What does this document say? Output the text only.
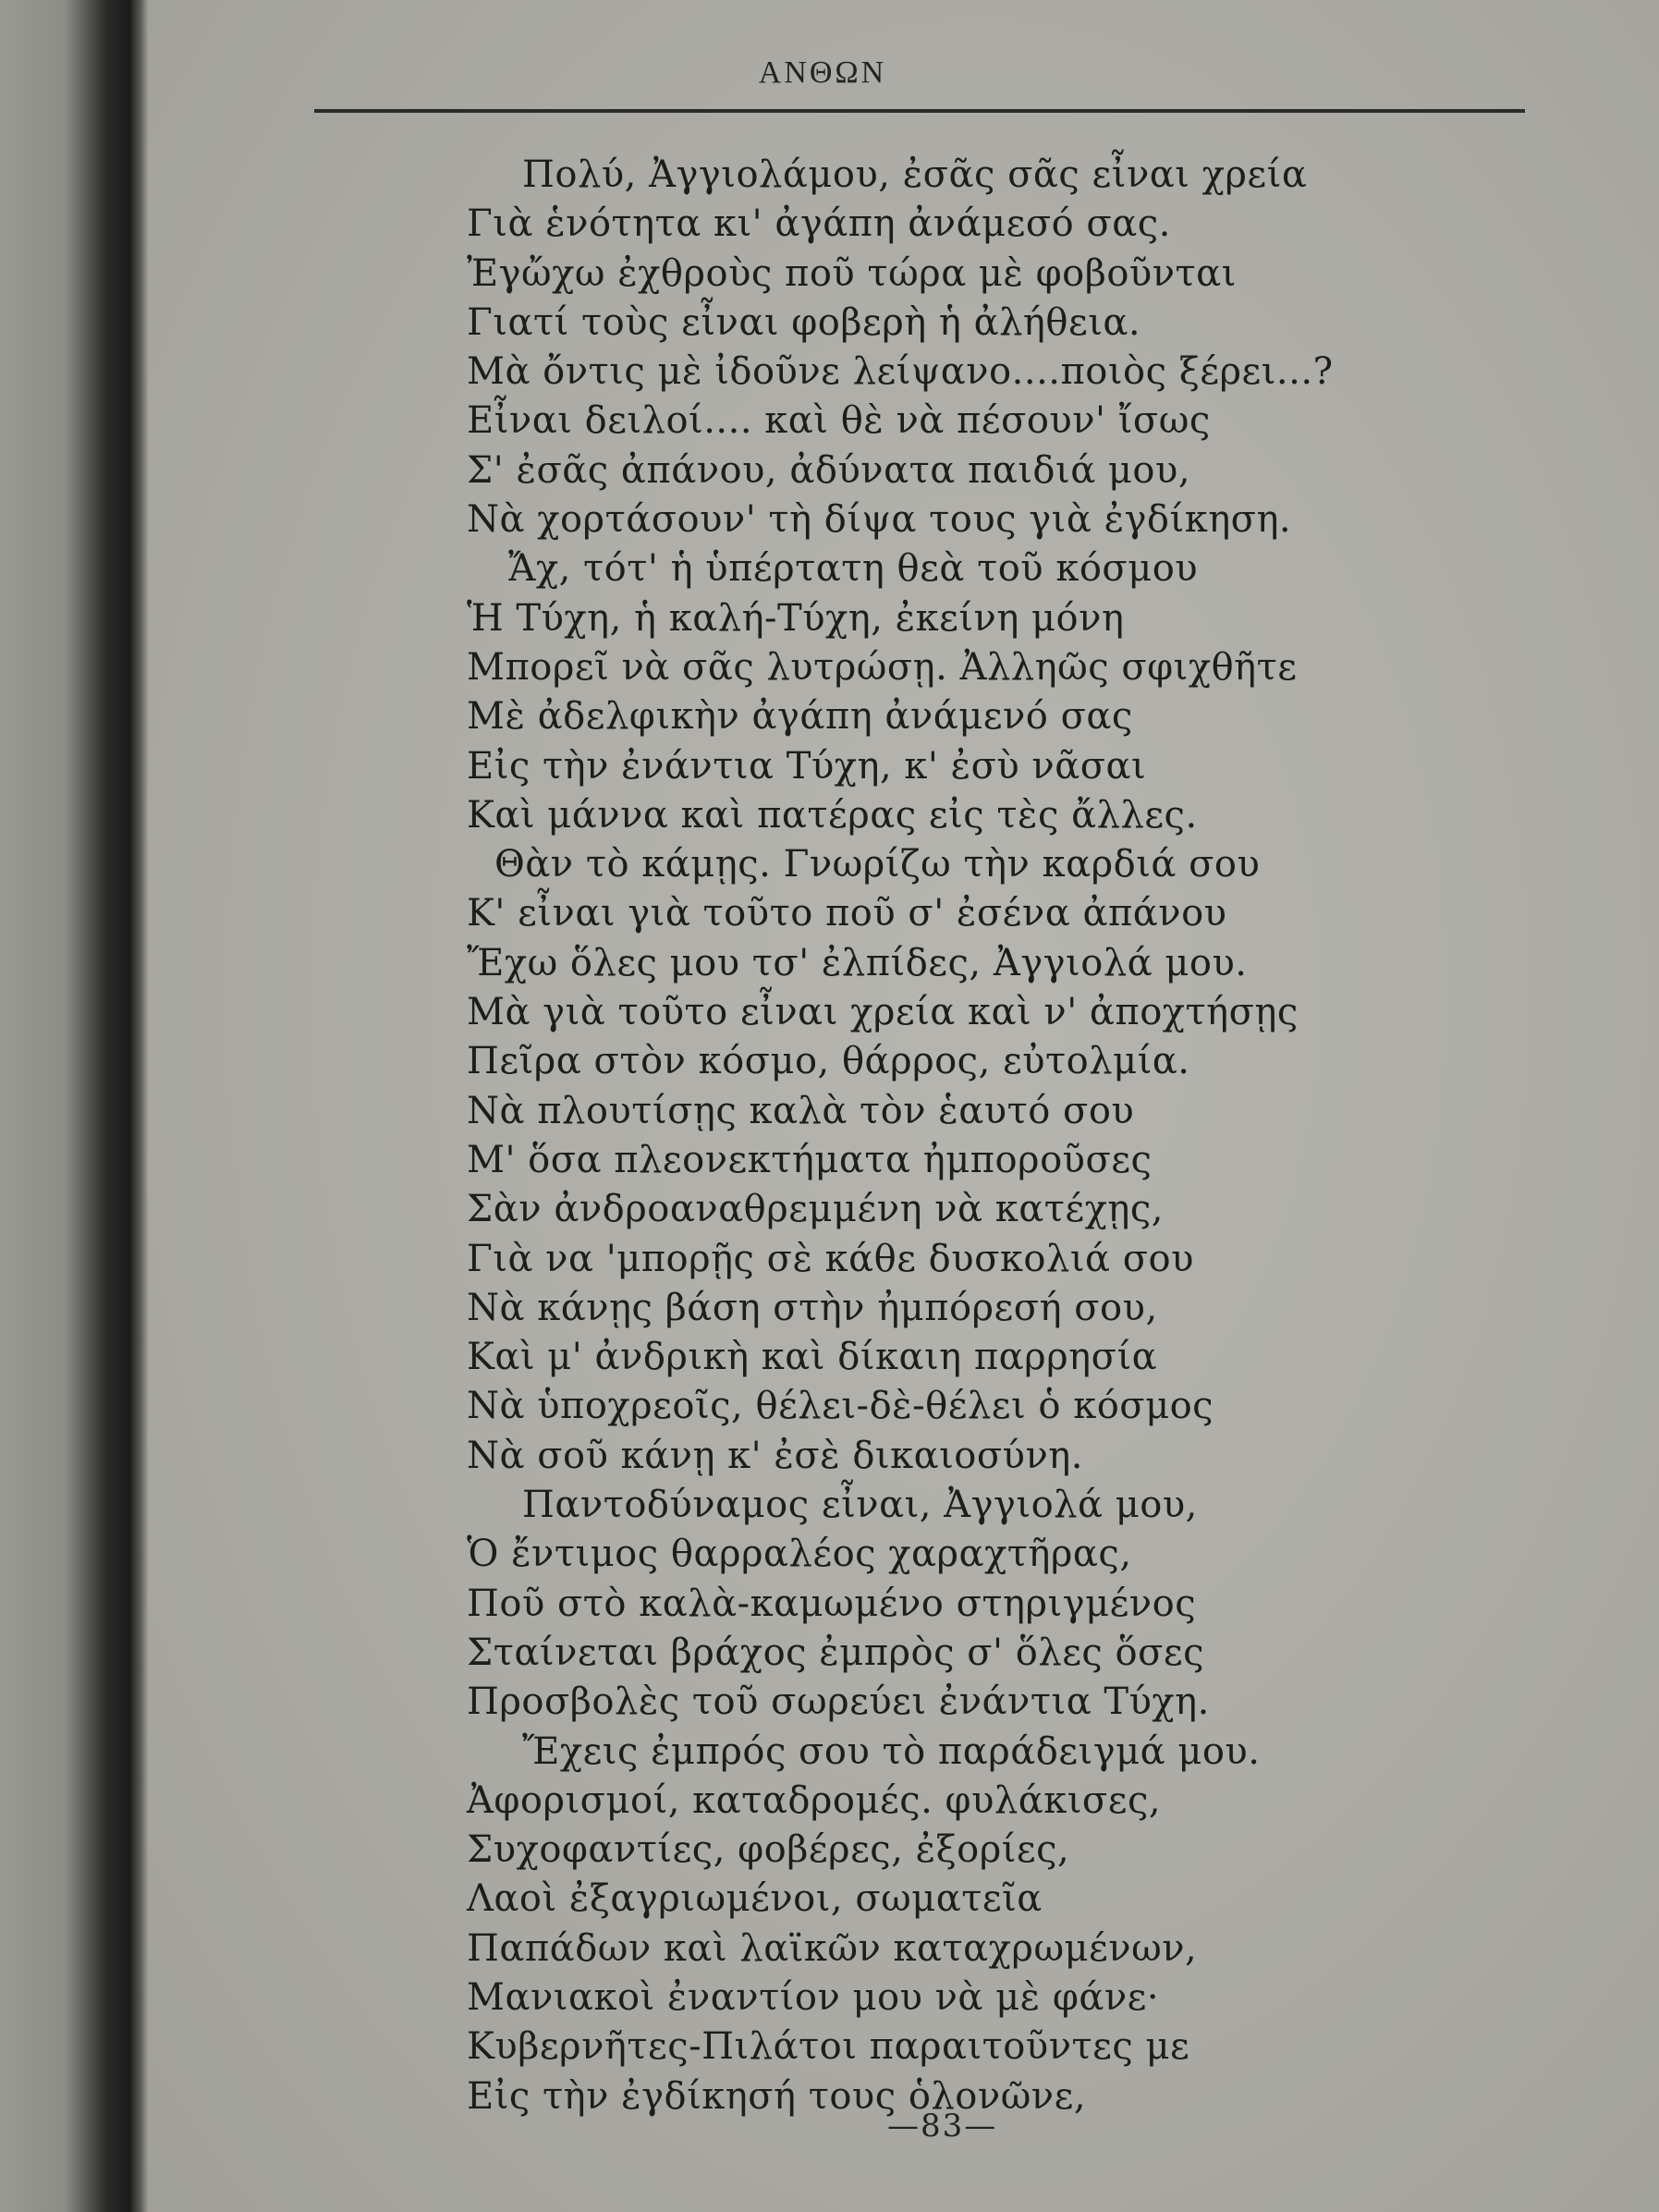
ΑΝΘΩΝ
Πολύ, Ἀγγιολάμου, ἐσᾶς σᾶς εἶναι χρεία
Γιὰ ἑνότητα κι' ἀγάπη ἀνάμεσό σας.
Ἐγὤχω ἐχθροὺς ποῦ τώρα μὲ φοβοῦνται
Γιατί τοὺς εἶναι φοβερὴ ἡ ἀλήθεια.
Μὰ ὄντις μὲ ἰδοῦνε λείψανο....ποιὸς ξέρει...?
Εἶναι δειλοί.... καὶ θὲ νὰ πέσουν' ἴσως
Σ' ἐσᾶς ἀπάνου, ἀδύνατα παιδιά μου,
Νὰ χορτάσουν' τὴ δίψα τους γιὰ ἐγδίκηση.
Ἄχ, τότ' ἡ ὑπέρτατη θεὰ τοῦ κόσμου
Ἡ Τύχη, ἡ καλή-Τύχη, ἐκείνη μόνη
Μπορεῖ νὰ σᾶς λυτρώσῃ. Ἀλληῶς σφιχθῆτε
Μὲ ἀδελφικὴν ἀγάπη ἀνάμενό σας
Εἰς τὴν ἐνάντια Τύχη, κ' ἐσὺ νᾶσαι
Καὶ μάννα καὶ πατέρας εἰς τὲς ἄλλες.
Θὰν τὸ κάμῃς. Γνωρίζω τὴν καρδιά σου
Κ' εἶναι γιὰ τοῦτο ποῦ σ' ἐσένα ἀπάνου
Ἔχω ὅλες μου τσ' ἐλπίδες, Ἀγγιολά μου.
Μὰ γιὰ τοῦτο εἶναι χρεία καὶ ν' ἀποχτήσῃς
Πεῖρα στὸν κόσμο, θάρρος, εὐτολμία.
Νὰ πλουτίσῃς καλὰ τὸν ἑαυτό σου
Μ' ὅσα πλεονεκτήματα ἠμποροῦσες
Σὰν ἀνδροαναθρεμμένη νὰ κατέχῃς,
Γιὰ να 'μπορῇς σὲ κάθε δυσκολιά σου
Νὰ κάνῃς βάση στὴν ἠμπόρεσή σου,
Καὶ μ' ἀνδρικὴ καὶ δίκαιη παρρησία
Νὰ ὑποχρεοῖς, θέλει-δὲ-θέλει ὁ κόσμος
Νὰ σοῦ κάνῃ κ' ἐσὲ δικαιοσύνη.
Παντοδύναμος εἶναι, Ἀγγιολά μου,
Ὁ ἔντιμος θαρραλέος χαραχτῆρας,
Ποῦ στὸ καλὰ-καμωμένο στηριγμένος
Σταίνεται βράχος ἐμπρὸς σ' ὅλες ὅσες
Προσβολὲς τοῦ σωρεύει ἐνάντια Τύχη.
Ἔχεις ἐμπρός σου τὸ παράδειγμά μου.
Ἀφορισμοί, καταδρομές. φυλάκισες,
Συχοφαντίες, φοβέρες, ἐξορίες,
Λαοὶ ἐξαγριωμένοι, σωματεῖα
Παπάδων καὶ λαϊκῶν καταχρωμένων,
Μανιακοὶ ἐναντίον μου νὰ μὲ φάνε·
Κυβερνῆτες-Πιλάτοι παραιτοῦντες με
Εἰς τὴν ἐγδίκησή τους ὁλονῶνε,
—83—
